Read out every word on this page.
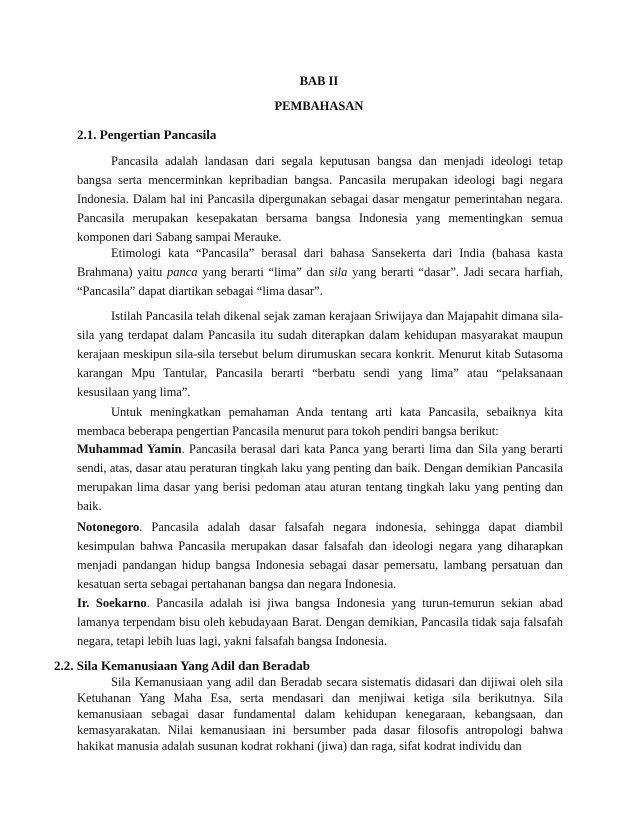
BAB II
PEMBAHASAN
2.1. Pengertian Pancasila

Pancasila adalah landasan dari segala keputusan bangsa dan menjadi ideologi tetap bangsa serta mencerminkan kepribadian bangsa. Pancasila merupakan ideologi bagi negara Indonesia. Dalam hal ini Pancasila dipergunakan sebagai dasar mengatur pemerintahan negara. Pancasila merupakan kesepakatan bersama bangsa Indonesia yang mementingkan semua komponen dari Sabang sampai Merauke.

Etimologi kata “Pancasila” berasal dari bahasa Sansekerta dari India (bahasa kasta Brahmana) yaitu panca yang berarti “lima” dan sila yang berarti “dasar”. Jadi secara harfiah, “Pancasila” dapat diartikan sebagai “lima dasar”.

Istilah Pancasila telah dikenal sejak zaman kerajaan Sriwijaya dan Majapahit dimana sila-sila yang terdapat dalam Pancasila itu sudah diterapkan dalam kehidupan masyarakat maupun kerajaan meskipun sila-sila tersebut belum dirumuskan secara konkrit. Menurut kitab Sutasoma karangan Mpu Tantular, Pancasila berarti “berbatu sendi yang lima” atau “pelaksanaan kesusilaan yang lima”.

Untuk meningkatkan pemahaman Anda tentang arti kata Pancasila, sebaiknya kita membaca beberapa pengertian Pancasila menurut para tokoh pendiri bangsa berikut:

Muhammad Yamin. Pancasila berasal dari kata Panca yang berarti lima dan Sila yang berarti sendi, atas, dasar atau peraturan tingkah laku yang penting dan baik. Dengan demikian Pancasila merupakan lima dasar yang berisi pedoman atau aturan tentang tingkah laku yang penting dan baik.

Notonegoro. Pancasila adalah dasar falsafah negara indonesia, sehingga dapat diambil kesimpulan bahwa Pancasila merupakan dasar falsafah dan ideologi negara yang diharapkan menjadi pandangan hidup bangsa Indonesia sebagai dasar pemersatu, lambang persatuan dan kesatuan serta sebagai pertahanan bangsa dan negara Indonesia.

Ir. Soekarno. Pancasila adalah isi jiwa bangsa Indonesia yang turun-temurun sekian abad lamanya terpendam bisu oleh kebudayaan Barat. Dengan demikian, Pancasila tidak saja falsafah negara, tetapi lebih luas lagi, yakni falsafah bangsa Indonesia.

2.2. Sila Kemanusiaan Yang Adil dan Beradab

Sila Kemanusiaan yang adil dan Beradab secara sistematis didasari dan dijiwai oleh sila Ketuhanan Yang Maha Esa, serta mendasari dan menjiwai ketiga sila berikutnya. Sila kemanusiaan sebagai dasar fundamental dalam kehidupan kenegaraan, kebangsaan, dan kemasyarakatan. Nilai kemanusiaan ini bersumber pada dasar filosofis antropologi bahwa hakikat manusia adalah susunan kodrat rokhani (jiwa) dan raga, sifat kodrat individu dan
